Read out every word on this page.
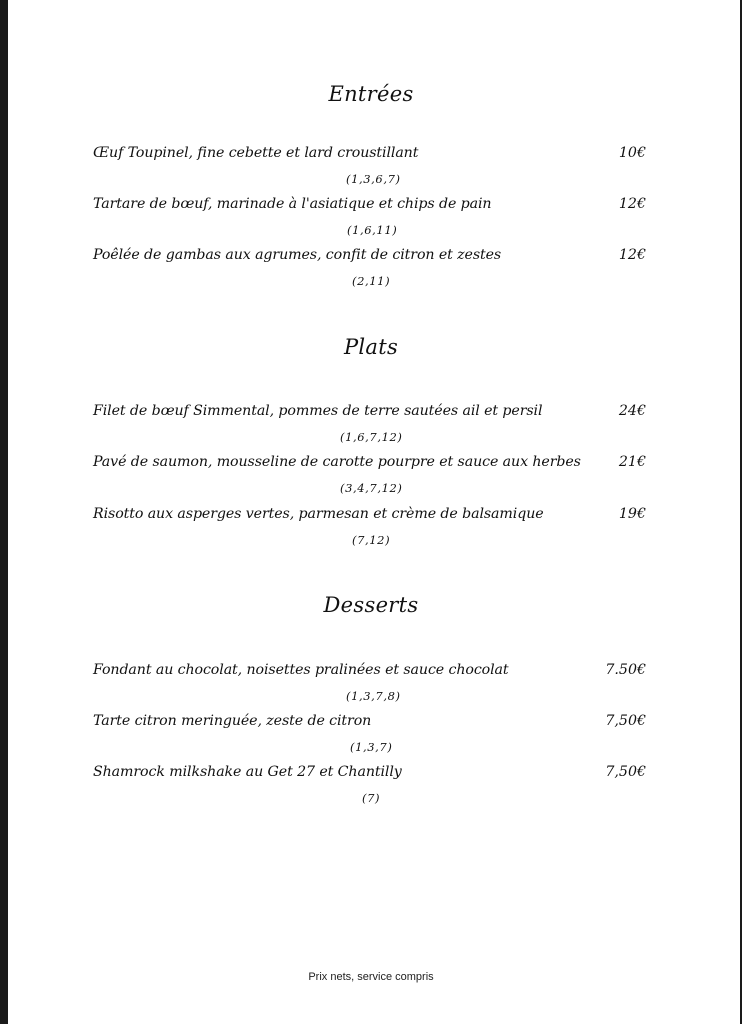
Entrées
Œuf Toupinel, fine cebette et lard croustillant	10€
(1,3,6,7)
Tartare de bœuf, marinade à l'asiatique et chips de pain	12€
(1,6,11)
Poêlée de gambas aux agrumes, confit de citron et zestes	12€
(2,11)
Plats
Filet de bœuf Simmental, pommes de terre sautées ail et persil	24€
(1,6,7,12)
Pavé de saumon, mousseline de carotte pourpre et sauce aux herbes	21€
(3,4,7,12)
Risotto aux asperges vertes, parmesan et crème de balsamique	19€
(7,12)
Desserts
Fondant au chocolat, noisettes pralinées et sauce chocolat	7.50€
(1,3,7,8)
Tarte citron meringuée, zeste de citron	7,50€
(1,3,7)
Shamrock milkshake au Get 27 et Chantilly	7,50€
(7)
Prix nets, service compris
